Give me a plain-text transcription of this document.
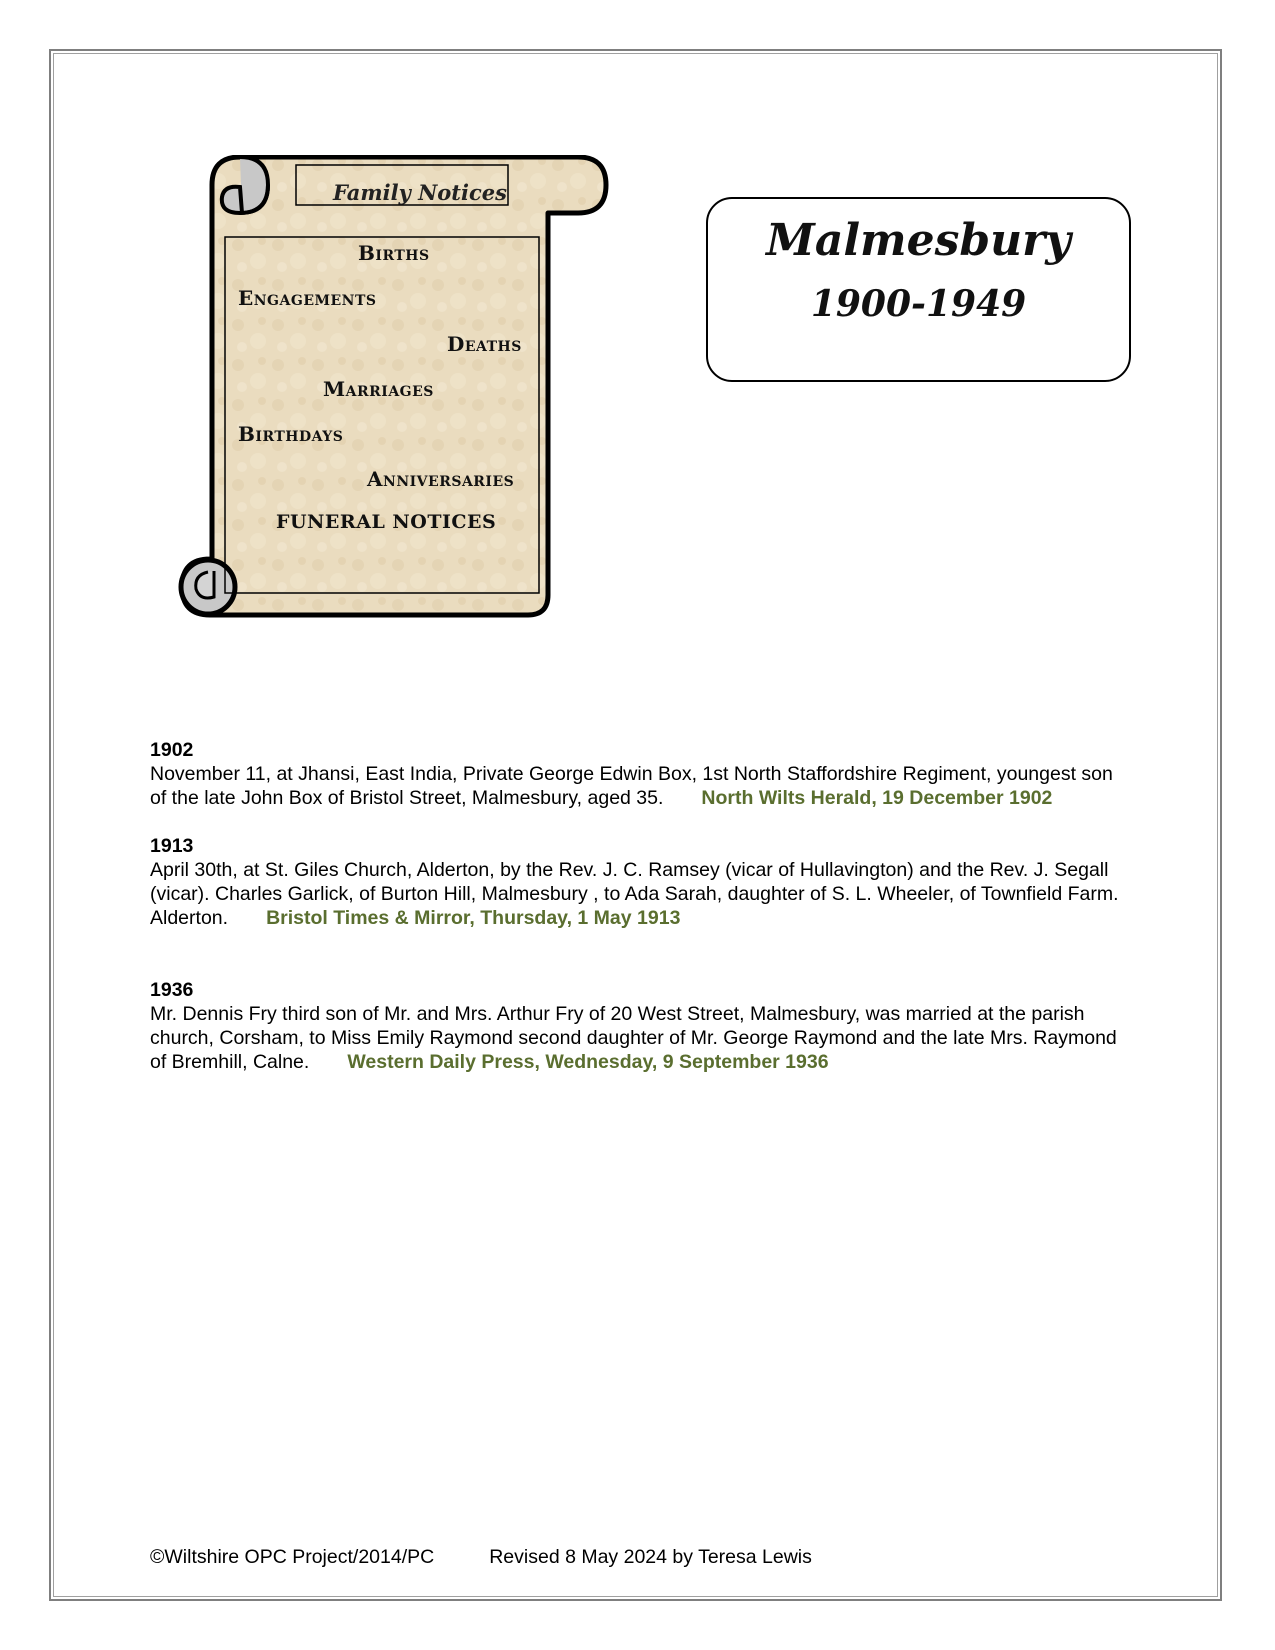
Family Notices
Births
Engagements
Deaths
Marriages
Birthdays
Anniversaries
FUNERAL NOTICES
Malmesbury
1900-1949
1902
November 11, at Jhansi, East India, Private George Edwin Box, 1st North Staffordshire Regiment, youngest son of the late John Box of Bristol Street, Malmesbury, aged 35. North Wilts Herald, 19 December 1902
1913
April 30th, at St. Giles Church, Alderton, by the Rev. J. C. Ramsey (vicar of Hullavington) and the Rev. J. Segall (vicar). Charles Garlick, of Burton Hill, Malmesbury , to Ada Sarah, daughter of S. L. Wheeler, of Townfield Farm. Alderton. Bristol Times & Mirror, Thursday, 1 May 1913
1936
Mr. Dennis Fry third son of Mr. and Mrs. Arthur Fry of 20 West Street, Malmesbury, was married at the parish church, Corsham, to Miss Emily Raymond second daughter of Mr. George Raymond and the late Mrs. Raymond of Bremhill, Calne. Western Daily Press, Wednesday, 9 September 1936
©Wiltshire OPC Project/2014/PC	Revised 8 May 2024 by Teresa Lewis
